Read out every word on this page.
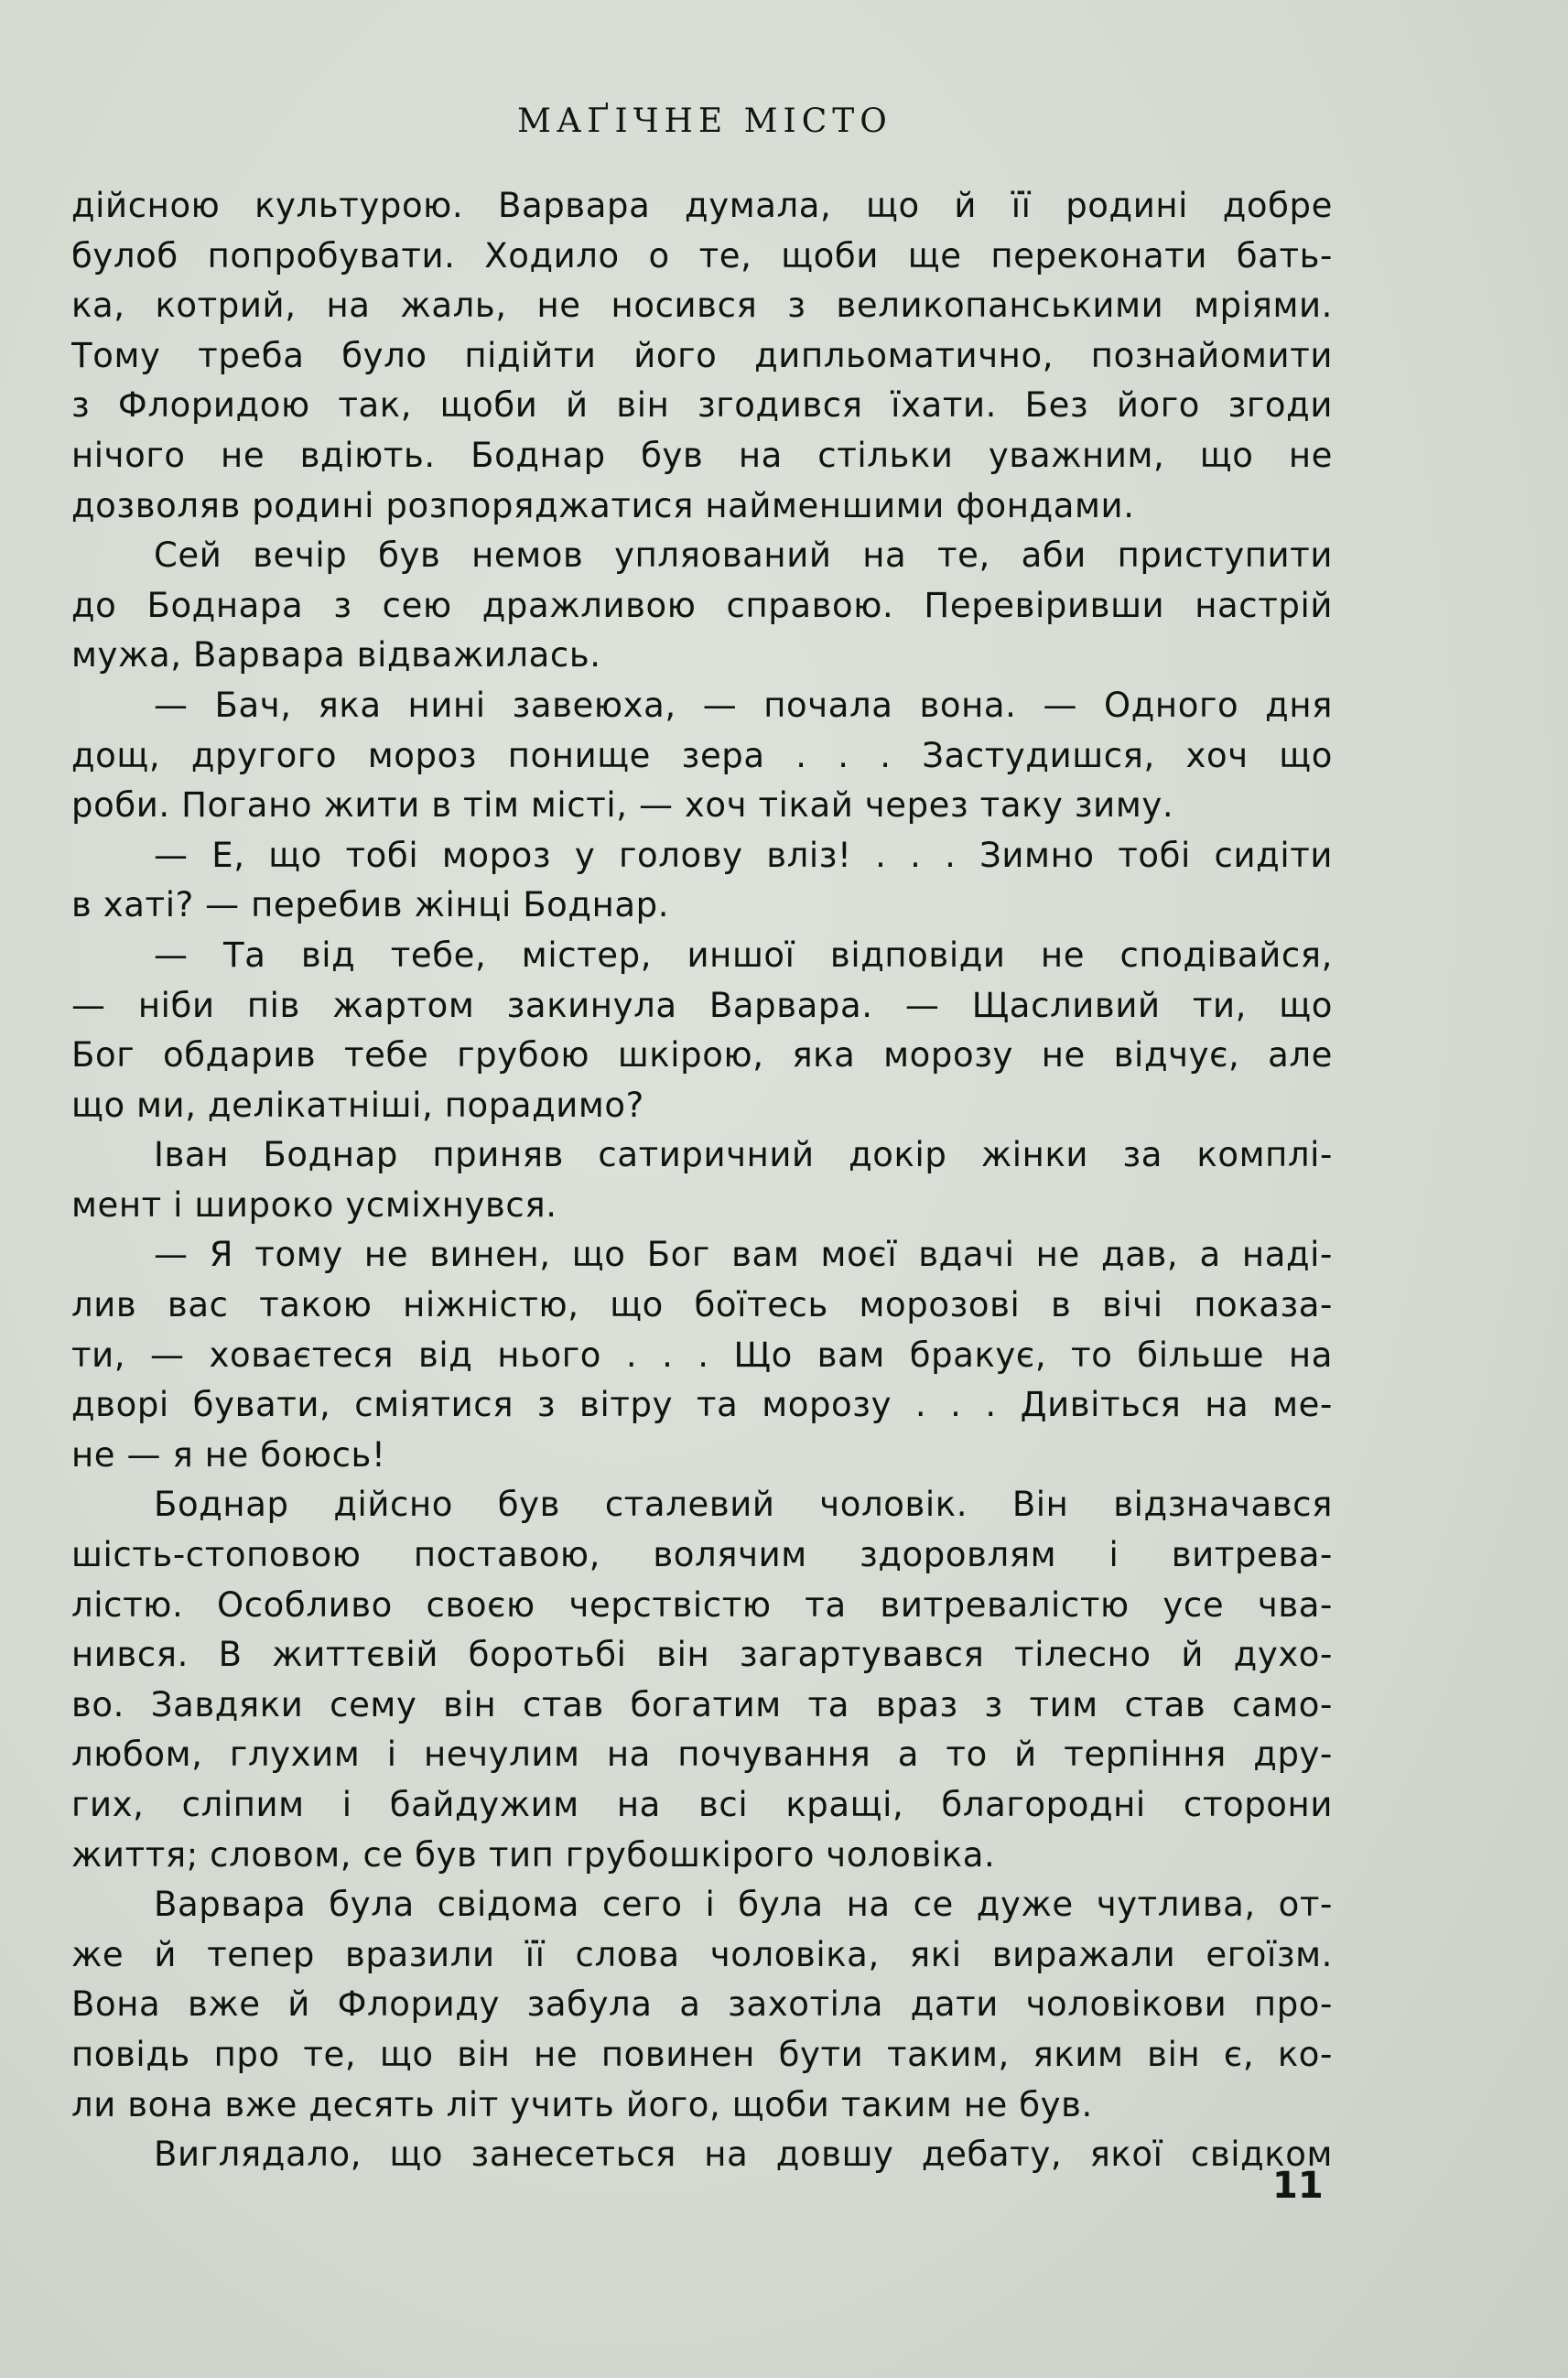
МАҐІЧНЕ МІСТО
дійсною культурою. Варвара думала, що й її родині добре
булоб попробувати. Ходило о те, щоби ще переконати бать-
ка, котрий, на жаль, не носився з великопанськими мріями.
Тому треба було підійти його дипльоматично, познайомити
з Флоридою так, щоби й він згодився їхати. Без його згоди
нічого не вдіють. Боднар був на стільки уважним, що не
дозволяв родині розпоряджатися найменшими фондами.
Сей вечір був немов упляований на те, аби приступити
до Боднара з сею дражливою справою. Перевіривши настрій
мужа, Варвара відважилась.
— Бач, яка нині завеюха, — почала вона. — Одного дня
дощ, другого мороз понище зера . . . Застудишся, хоч що
роби. Погано жити в тім місті, — хоч тікай через таку зиму.
— Е, що тобі мороз у голову вліз! . . . Зимно тобі сидіти
в хаті? — перебив жінці Боднар.
— Та від тебе, містер, иншої відповіди не сподівайся,
— ніби пів жартом закинула Варвара. — Щасливий ти, що
Бог обдарив тебе грубою шкірою, яка морозу не відчує, але
що ми, делікатніші, порадимо?
Іван Боднар приняв сатиричний докір жінки за комплі-
мент і широко усміхнувся.
— Я тому не винен, що Бог вам моєї вдачі не дав, а наді-
лив вас такою ніжністю, що боїтесь морозові в вічі показа-
ти, — ховаєтеся від нього . . . Що вам бракує, то більше на
дворі бувати, сміятися з вітру та морозу . . . Дивіться на ме-
не — я не боюсь!
Боднар дійсно був сталевий чоловік. Він відзначався
шість-стоповою поставою, волячим здоровлям і витрева-
лістю. Особливо своєю черствістю та витревалістю усе чва-
нився. В життєвій боротьбі він загартувався тілесно й духо-
во. Завдяки сему він став богатим та враз з тим став само-
любом, глухим і нечулим на почування а то й терпіння дру-
гих, сліпим і байдужим на всі кращі, благородні сторони
життя; словом, се був тип грубошкірого чоловіка.
Варвара була свідома сего і була на се дуже чутлива, от-
же й тепер вразили її слова чоловіка, які виражали егоїзм.
Вона вже й Флориду забула а захотіла дати чоловікови про-
повідь про те, що він не повинен бути таким, яким він є, ко-
ли вона вже десять літ учить його, щоби таким не був.
Виглядало, що занесеться на довшу дебату, якої свідком
11
